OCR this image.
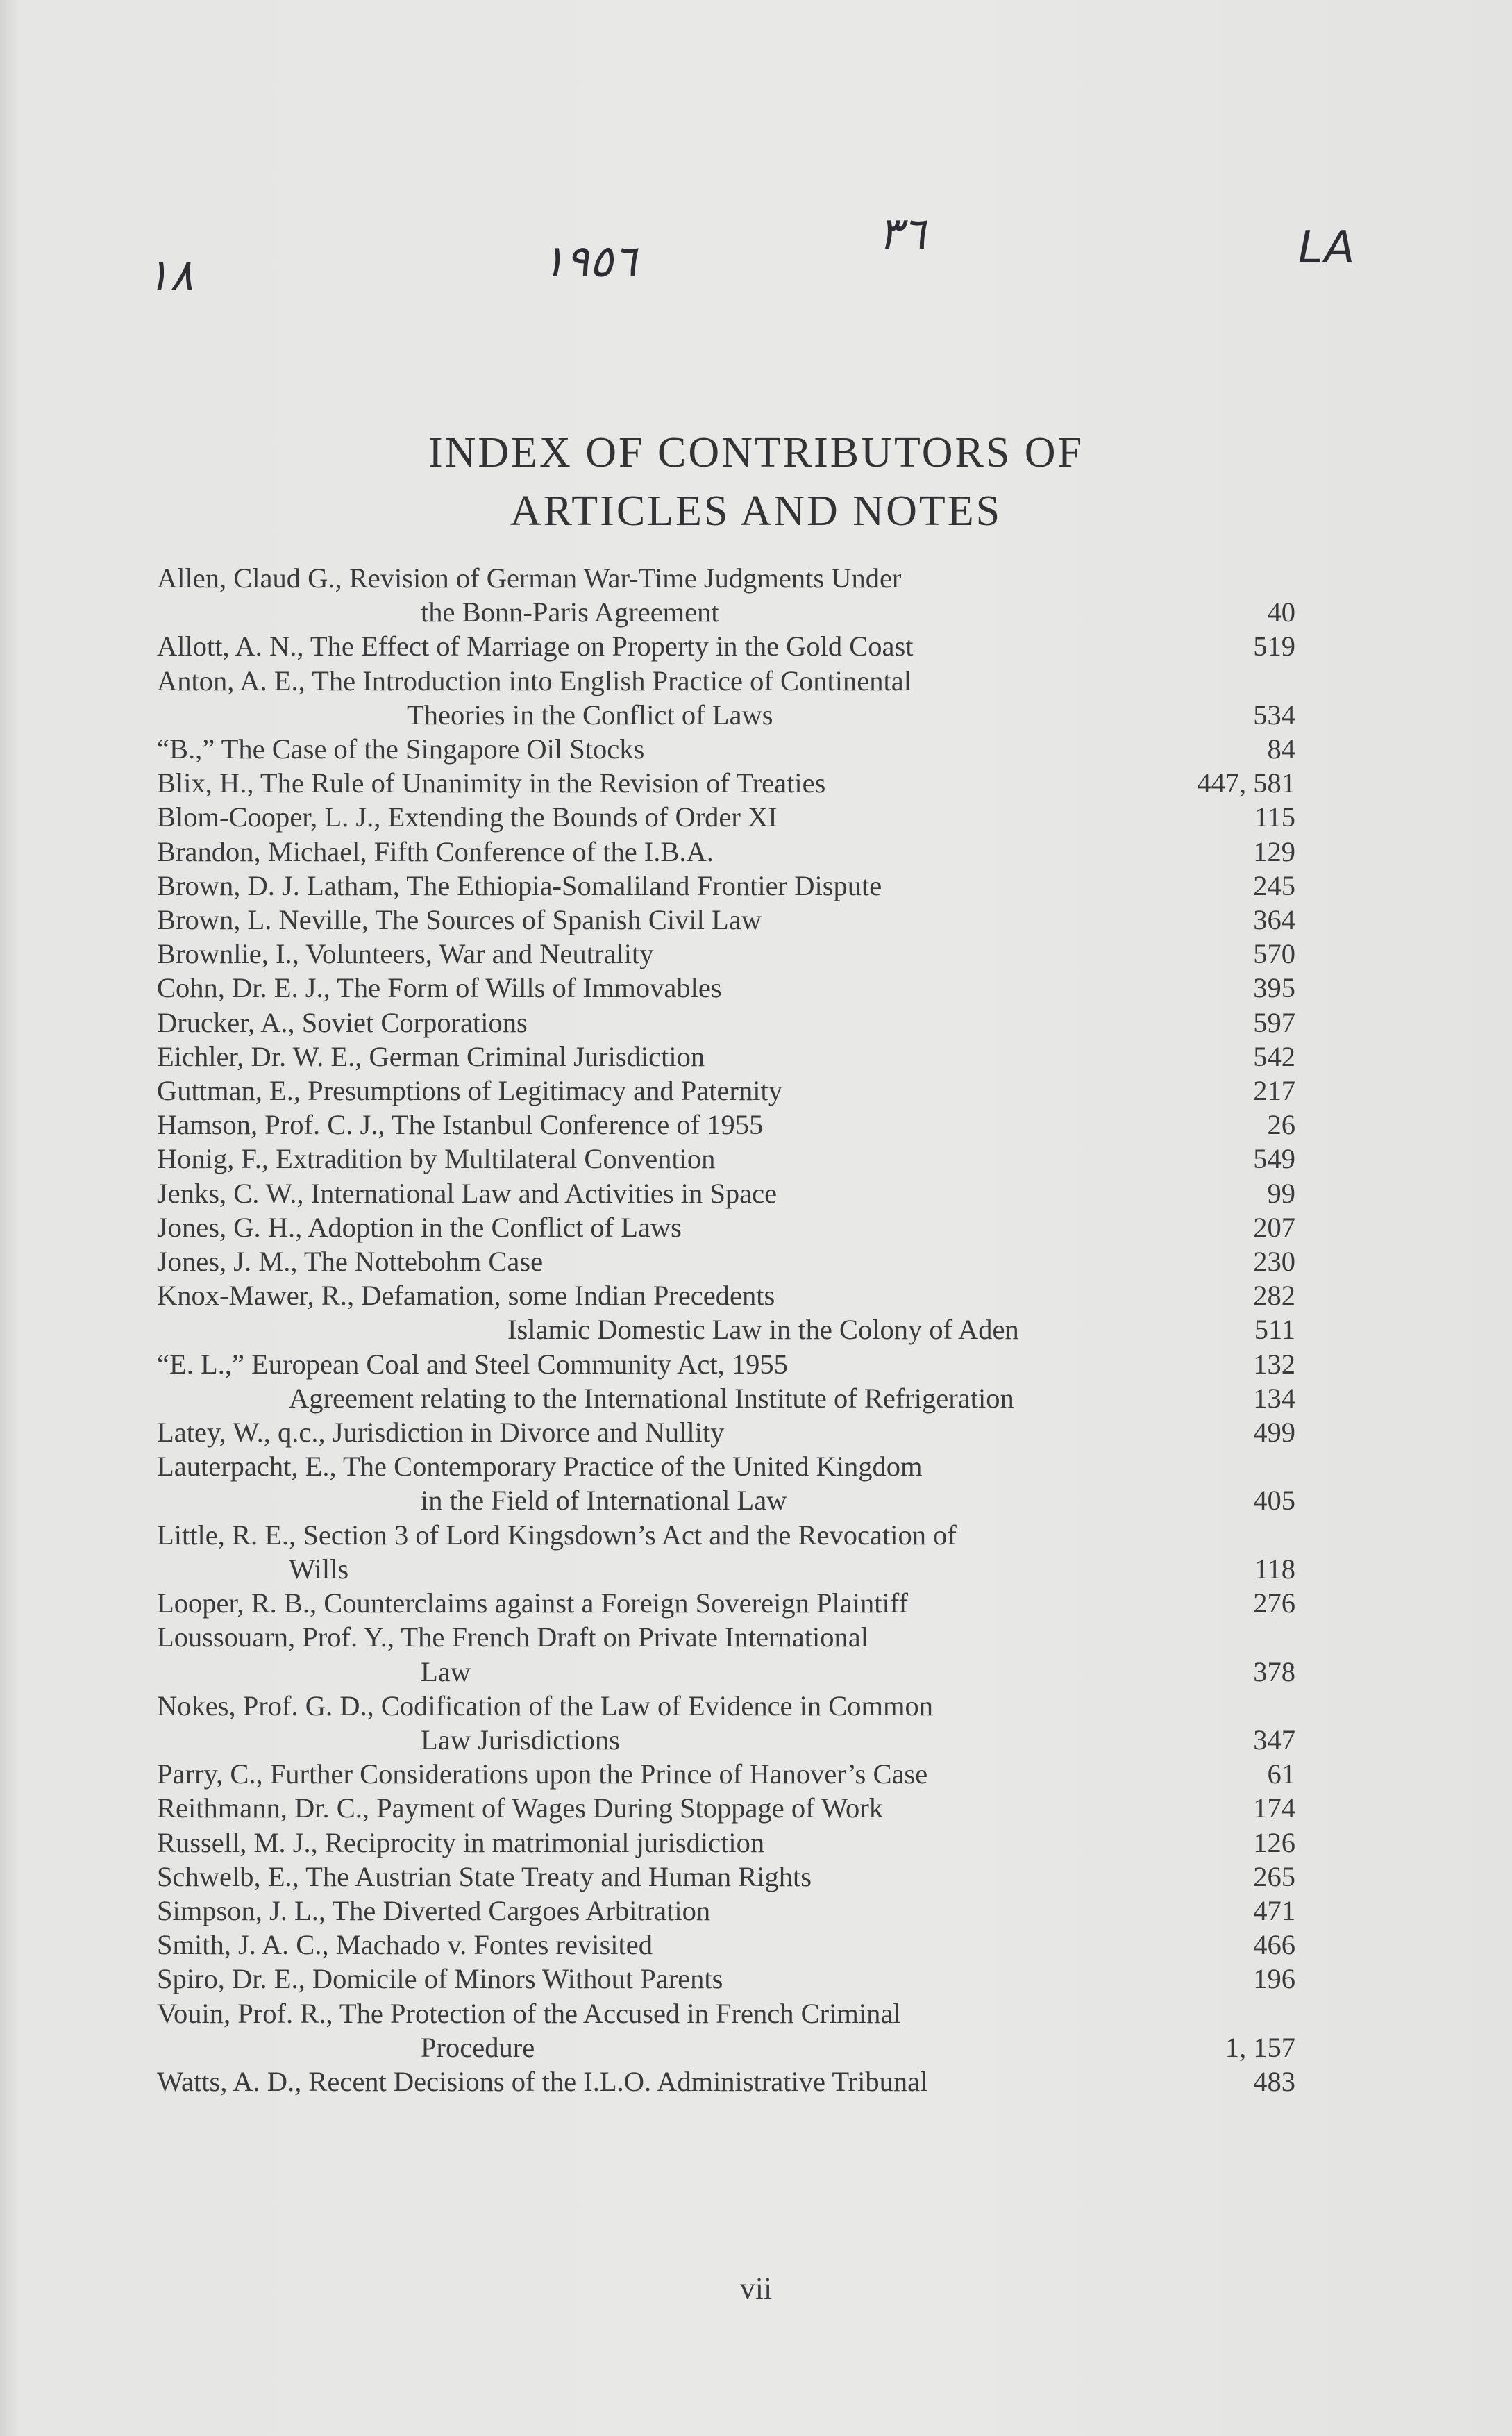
١٨	١٩٥٦
٣٦	LA
INDEX OF CONTRIBUTORS OF
ARTICLES AND NOTES
Allen, Claud G., Revision of German War-Time Judgments Under
the Bonn-Paris Agreement	40
Allott, A. N., The Effect of Marriage on Property in the Gold Coast	519
Anton, A. E., The Introduction into English Practice of Continental
Theories in the Conflict of Laws	534
“B.,” The Case of the Singapore Oil Stocks	84
Blix, H., The Rule of Unanimity in the Revision of Treaties	447, 581
Blom-Cooper, L. J., Extending the Bounds of Order XI	115
Brandon, Michael, Fifth Conference of the I.B.A.	129
Brown, D. J. Latham, The Ethiopia-Somaliland Frontier Dispute	245
Brown, L. Neville, The Sources of Spanish Civil Law	364
Brownlie, I., Volunteers, War and Neutrality	570
Cohn, Dr. E. J., The Form of Wills of Immovables	395
Drucker, A., Soviet Corporations	597
Eichler, Dr. W. E., German Criminal Jurisdiction	542
Guttman, E., Presumptions of Legitimacy and Paternity	217
Hamson, Prof. C. J., The Istanbul Conference of 1955	26
Honig, F., Extradition by Multilateral Convention	549
Jenks, C. W., International Law and Activities in Space	99
Jones, G. H., Adoption in the Conflict of Laws	207
Jones, J. M., The Nottebohm Case	230
Knox-Mawer, R., Defamation, some Indian Precedents	282
Islamic Domestic Law in the Colony of Aden	511
“E. L.,” European Coal and Steel Community Act, 1955	132
Agreement relating to the International Institute of Refrigeration	134
Latey, W., q.c., Jurisdiction in Divorce and Nullity	499
Lauterpacht, E., The Contemporary Practice of the United Kingdom
in the Field of International Law	405
Little, R. E., Section 3 of Lord Kingsdown’s Act and the Revocation of
Wills	118
Looper, R. B., Counterclaims against a Foreign Sovereign Plaintiff	276
Loussouarn, Prof. Y., The French Draft on Private International
Law	378
Nokes, Prof. G. D., Codification of the Law of Evidence in Common
Law Jurisdictions	347
Parry, C., Further Considerations upon the Prince of Hanover’s Case	61
Reithmann, Dr. C., Payment of Wages During Stoppage of Work	174
Russell, M. J., Reciprocity in matrimonial jurisdiction	126
Schwelb, E., The Austrian State Treaty and Human Rights	265
Simpson, J. L., The Diverted Cargoes Arbitration	471
Smith, J. A. C., Machado v. Fontes revisited	466
Spiro, Dr. E., Domicile of Minors Without Parents	196
Vouin, Prof. R., The Protection of the Accused in French Criminal
Procedure	1, 157
Watts, A. D., Recent Decisions of the I.L.O. Administrative Tribunal	483
vii
